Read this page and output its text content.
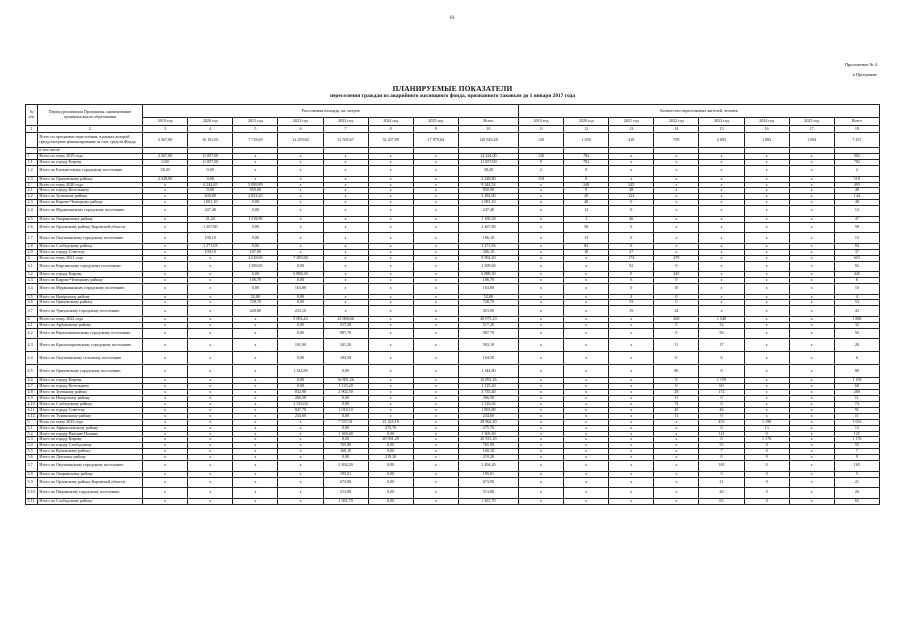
61
Приложение № 4
к Программе
ПЛАНИРУЕМЫЕ ПОКАЗАТЕЛИ
переселения граждан из аварийного жилищного фонда, признанного таковым до 1 января 2017 года
№ п/п	Период реализации Программы, наименование муниципального образования	Расселяемая площадь, кв. метров								Количество переселяемых жителей, человек							
		2019 год	2020 год	2021 год	2022 год	2023 год	2024 год	2025 год	Всего	2019 год	2020 год	2021 год	2022 год	2023 год	2024 год	2025 год	Всего
1	2	3	4	5	6	7	8	9	10	11	12	13	14	15	16	17	18
	Всего по программе переселения, в рамках которой предусмотрено финансирование за счет средств Фонда,	2 367,00	16 101,65	7 718,69	12 259,84	31 505,67	32 457,99	17 879,64	120 920,28	120	1 030	419	709	2 003	1 882	1 094	7 257
	в том числе:																
1	Всего по этапу 2019 года	2 367,00	11 857,00	x	x	x	x	x	14 224,00	120	782	x	x	x	x	x	902
1.1	Итого по городу Кирову	0,00	11 857,00	x	x	x	x	x	11 857,00	0	782	x	x	x	x	x	782
1.2	Итого по Кильмезскому городскому поселению	38,20	0,00	x	x	x	x	x	38,20	2	0	x	x	x	x	x	2
1.3	Итого по Оричевскому району	2 328,80	0,00	x	x	x	x	x	2 328,80	118	0	x	x	x	x	x	118
2	Всего по этапу 2020 года	x	4 244,65	5 099,89	x	x	x	x	9 344,54	x	248	245	x	x	x	x	493
2.1	Итого по городу Котельничу	x	0,00	950,00	x	x	x	x	950,00	x	0	48	x	x	x	x	48
2.2	Итого по Зуевскому району	x	630,80	2 853,20	x	x	x	x	3 484,00	x	20	124	x	x	x	x	144
2.3	Итого по Кирово-Чепецкому району	x	1 081,10	0,00	x	x	x	x	1 081,10	x	48	0	x	x	x	x	48
2.4	Итого по Мурашинскому городскому поселению	x	247,40	0,00	x	x	x	x	247,40	x	12	0	x	x	x	x	12
2.5	Итого по Опаринскому району	x	41,20	1 119,09	x	x	x	x	1 160,29	x	1	46	x	x	x	x	47
2.6	Итого по Орловскому району Кировской области	x	1 267,80	0,00	x	x	x	x	1 267,80	x	58	0	x	x	x	x	58
2.7	Итого по Омутнинскому городскому поселению	x	196,10	0,00	x	x	x	x	196,10	x	13	0	x	x	x	x	13
2.8	Итого по Слободскому району	x	1 271,63	0,00	x	x	x	x	1 271,63	x	84	0	x	x	x	x	84
2.9	Итого по городу Советску	x	109,10	197,00	x	x	x	x	306,10	x	10	27	x	x	x	x	37
3	Всего по этапу 2021 года	x	x	2 618,60	7 285,60	x	x	x	9 904,20	x	x	174	479	x	x	x	653
3.1	Итого по Кирсинскому городскому поселению	x	x	1 509,60	0,00	x	x	x	1 509,60	x	x	92	0	x	x	x	92
3.2	Итого по городу Кирову	x	x	0,00	6 888,30	x	x	x	6 888,30	x	x	0	445	x	x	x	445
3.3	Итого по Кирово-Чепецкому району	x	x	106,70	0,00	x	x	x	106,70	x	x	6	0	x	x	x	6
3.4	Итого по Мурашинскому городскому поселению	x	x	0,00	163,80	x	x	x	163,80	x	x	0	10	x	x	x	10
3.5	Итого по Нагорскому району	x	x	52,80	0,00	x	x	x	52,80	x	x	4	0	x	x	x	4
3.6	Итого по Оричевскому району	x	x	728,70	0,00	x	x	x	728,70	x	x	53	0	x	x	x	53
3.7	Итого по Уржумскому городскому поселению	x	x	220,80	233,10	x	x	x	453,90	x	x	19	24	x	x	x	43
4	Всего по этапу 2022 года	x	x	x	5 004,44	23 968,66	x	x	28 973,10	x	x	x	260	1 548	x	x	1 808
4.1	Итого по Арбажскому району	x	x	x	0,00	517,20	x	x	517,20	x	x	x	0	32	x	x	32
4.2	Итого по Верхошижемскому городскому поселению	x	x	x	0,00	987,70	x	x	987,70	x	x	x	0	56	x	x	56
4.3	Итого по Красногорьевскому городскому поселению	x	x	x	161,90	341,20	x	x	503,10	x	x	x	11	17	x	x	28
4.4	Итого по Омутнинскому сельскому поселению	x	x	x	0,00	104,50	x	x	104,50	x	x	x	0	6	x	x	6
4.5	Итого по Оричевскому городскому поселению	x	x	x	1 344,80	0,00	x	x	1 344,80	x	x	x	80	0	x	x	80
4.6	Итого по городу Кирову	x	x	x	0,00	16 891,26	x	x	16 891,26	x	x	x	0	1 159	x	x	1 159
4.7	Итого по городу Котельничу	x	x	x	0,00	1 125,20	x	x	1 125,20	x	x	x	0	60	x	x	60
4.8	Итого по Зуевскому району	x	x	x	832,90	2 902,50	x	x	3 735,40	x	x	x	28	172	x	x	200
4.9	Итого по Нагорскому району	x	x	x	266,50	0,00	x	x	266,50	x	x	x	11	0	x	x	11
4.10	Итого по Слободскому району	x	x	x	1 316,04	0,00	x	x	1 316,04	x	x	x	74	0	x	x	74
4.11	Итого по городу Советску	x	x	x	847,70	1 018,10	x	x	1 865,80	x	x	x	45	46	x	x	91
4.12	Итого по Тужинскому району	x	x	x	234,60	0,00	x	x	234,60	x	x	x	11	0	x	x	11
5	Всего по этапу 2023 года	x	x	x	x	7 537,01	21 425,19	x	28 962,20	x	x	x	x	455	1 198	x	1 653
5.1	Итого по Афанасьевскому району	x	x	x	x	0,00	275,70	x	275,70	x	x	x	x	0	13	x	13
5.2	Итого по городу Вятские Поляны	x	x	x	x	1 369,40	0,00	x	1 369,40	x	x	x	x	121	0	x	121
5.3	Итого по городу Кирову	x	x	x	x	0,00	20 931,29	x	20 931,29	x	x	x	x	0	1 176	x	1 176
5.4	Итого по городу Слободскому	x	x	x	x	765,90	0,00	x	765,90	x	x	x	x	55	0	x	55
5.5	Итого по Куменскому району	x	x	x	x	160,10	0,00	x	160,10	x	x	x	x	7	0	x	7
5.6	Итого по Лузскому району	x	x	x	x	0,00	219,20	x	219,20	x	x	x	x	0	9	x	9
5.7	Итого по Омутнинскому городскому поселению	x	x	x	x	2 494,20	0,00	x	2 494,20	x	x	x	x	165	0	x	165
5.8	Итого по Опаринскому району	x	x	x	x	195,01	0,00	x	195,01	x	x	x	x	5	0	x	5
5.9	Итого по Орловскому району Кировской области	x	x	x	x	673,90	0,00	x	673,90	x	x	x	x	21	0	x	21
5.10	Итого по Пижанскому городскому поселению	x	x	x	x	513,80	0,00	x	513,80	x	x	x	x	26	0	x	26
5.11	Итого по Слободскому району	x	x	x	x	1 361,70	0,00	x	1 361,70	x	x	x	x	65	0	x	65
